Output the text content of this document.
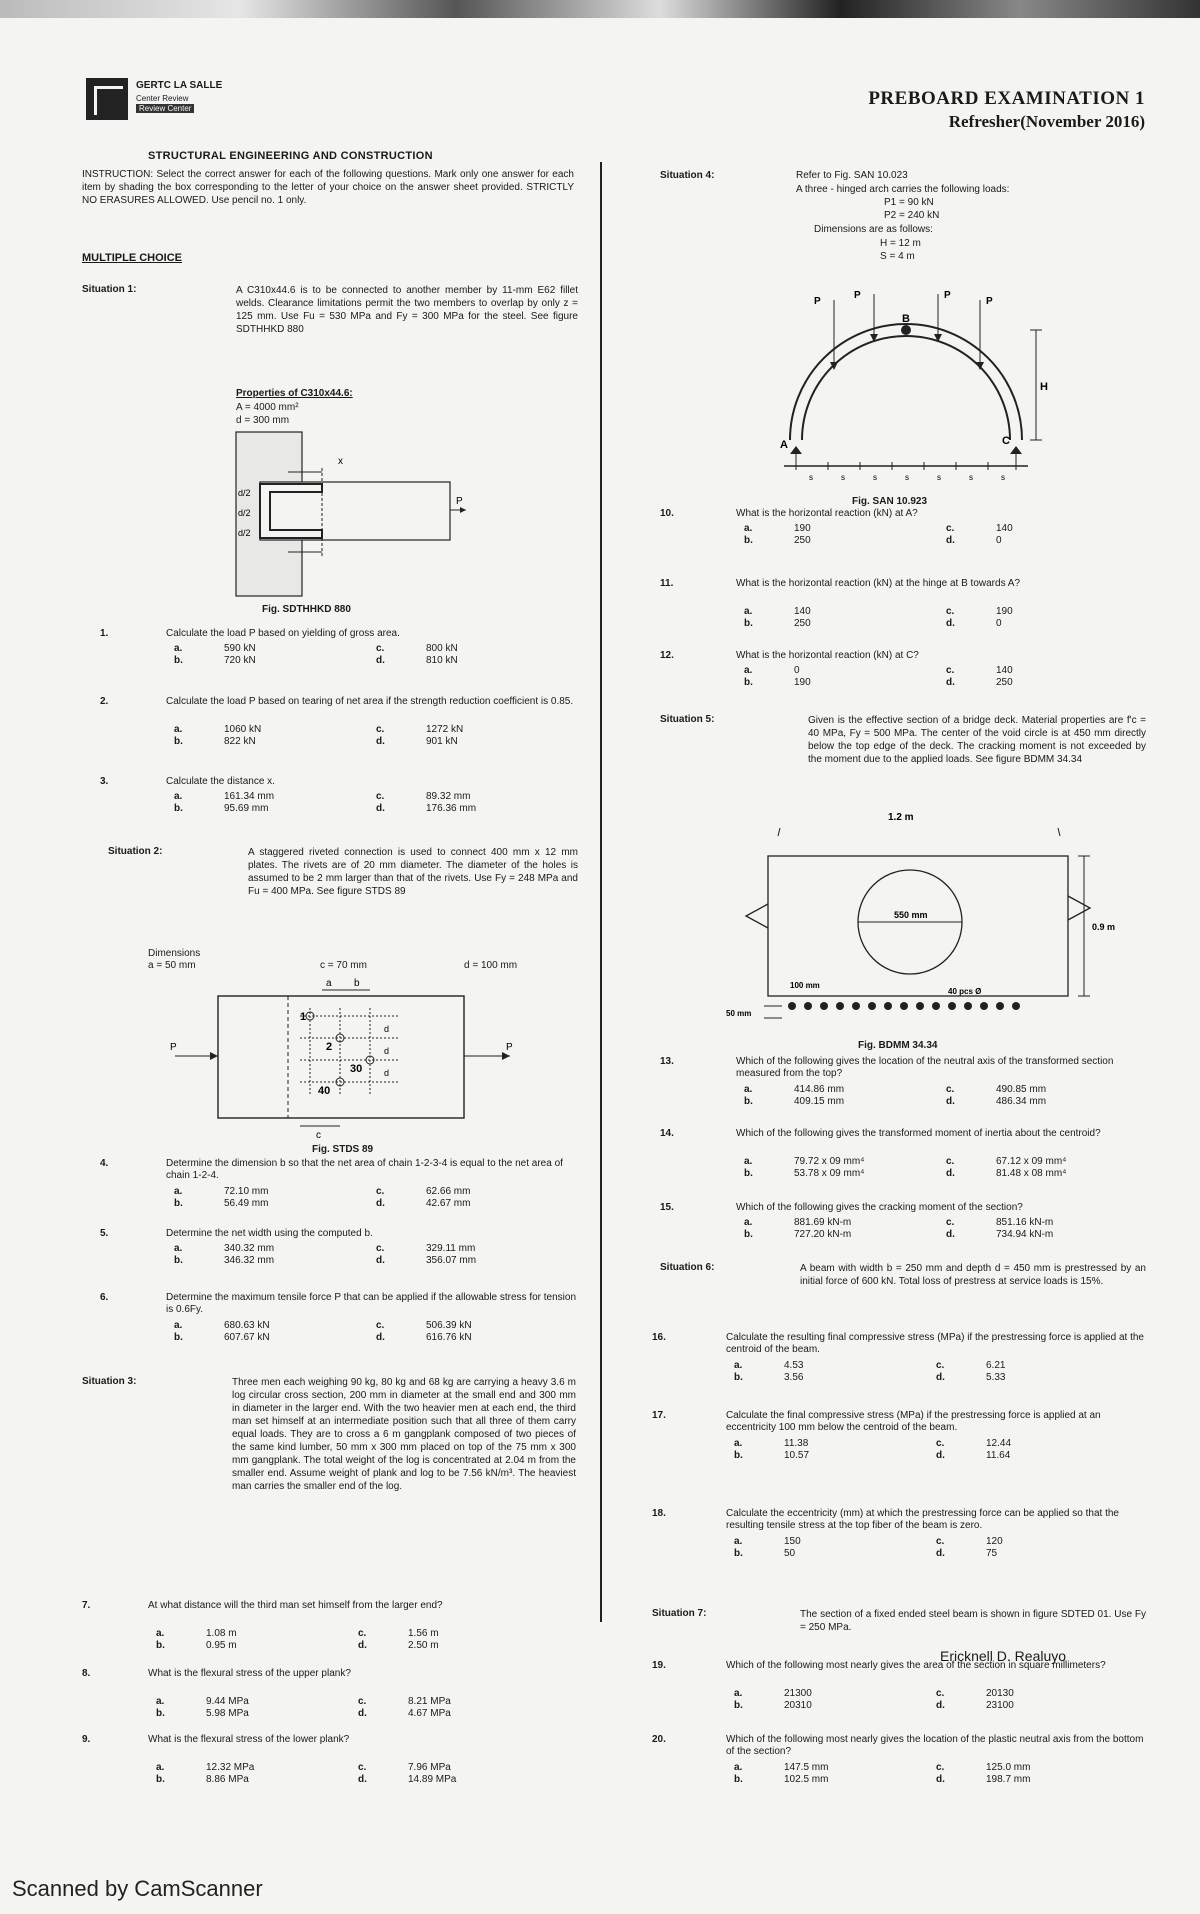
GERTC LA SALLE
Center Review
Review Center	PREBOARD EXAMINATION 1
Refresher(November 2016)
STRUCTURAL ENGINEERING AND CONSTRUCTION
INSTRUCTION: Select the correct answer for each of the following questions. Mark only one answer for each item by shading the box corresponding to the letter of your choice on the answer sheet provided. STRICTLY NO ERASURES ALLOWED. Use pencil no. 1 only.
MULTIPLE CHOICE
Situation 1:	A C310x44.6 is to be connected to another member by 11-mm E62 fillet welds. Clearance limitations permit the two members to overlap by only z = 125 mm. Use Fu = 530 MPa and Fy = 300 MPa for the steel. See figure SDTHHKD 880
Properties of C310x44.6:
A = 4000 mm²
d = 300 mm
x
P
d/2
d/2
d/2
Fig. SDTHHKD 880
Situation 2:	A staggered riveted connection is used to connect 400 mm x 12 mm plates. The rivets are of 20 mm diameter. The diameter of the holes is assumed to be 2 mm larger than that of the rivets. Use Fy = 248 MPa and Fu = 400 MPa. See figure STDS 89
Dimensions
a = 50 mm	c = 70 mm	d = 100 mm
P	P
a b
c
d
d
d
1
2
30
40
Fig. STDS 89
Situation 3:	Three men each weighing 90 kg, 80 kg and 68 kg are carrying a heavy 3.6 m log circular cross section, 200 mm in diameter at the small end and 300 mm in diameter in the larger end. With the two heavier men at each end, the third man set himself at an intermediate position such that all three of them carry equal loads. They are to cross a 6 m gangplank composed of two pieces of the same kind lumber, 50 mm x 300 mm placed on top of the 75 mm x 300 mm gangplank. The total weight of the log is concentrated at 2.04 m from the smaller end. Assume weight of plank and log to be 7.56 kN/m³. The heaviest man carries the smaller end of the log.
Situation 4:	Refer to Fig. SAN 10.023
A three - hinged arch carries the following loads:
P1 = 90 kN
P2 = 240 kN
Dimensions are as follows:
H = 12 m
S = 4 m
P
P	P
P
A
B
C
H
s	s	s	s	s	s	s
Fig. SAN 10.923
Situation 5:	Given is the effective section of a bridge deck. Material properties are f'c = 40 MPa, Fy = 500 MPa. The center of the void circle is at 450 mm directly below the top edge of the deck. The cracking moment is not exceeded by the moment due to the applied loads. See figure BDMM 34.34
1.2 m
550 mm
0.9 m
100 mm
40 pcs Ø
50 mm
Fig. BDMM 34.34
Situation 6:	A beam with width b = 250 mm and depth d = 450 mm is prestressed by an initial force of 600 kN. Total loss of prestress at service loads is 15%.
Situation 7:	The section of a fixed ended steel beam is shown in figure SDTED 01. Use Fy = 250 MPa.
Ericknell D. Realuyo
Scanned by CamScanner
1.	Calculate the load P based on yielding of gross area.
a.	590 kN
b.	720 kN
c.	800 kN
d.	810 kN
2.	Calculate the load P based on tearing of net area if the strength reduction coefficient is 0.85.
a.	1060 kN
b.	822 kN
c.	1272 kN
d.	901 kN
3.	Calculate the distance x.
a.	161.34 mm
b.	95.69 mm
c.	89.32 mm
d.	176.36 mm
4.	Determine the dimension b so that the net area of chain 1-2-3-4 is equal to the net area of chain 1-2-4.
a.	72.10 mm
b.	56.49 mm
c.	62.66 mm
d.	42.67 mm
5.	Determine the net width using the computed b.
a.	340.32 mm
b.	346.32 mm
c.	329.11 mm
d.	356.07 mm
6.	Determine the maximum tensile force P that can be applied if the allowable stress for tension is 0.6Fy.
a.	680.63 kN
b.	607.67 kN
c.	506.39 kN
d.	616.76 kN
7.	At what distance will the third man set himself from the larger end?
a.	1.08 m
b.	0.95 m
c.	1.56 m
d.	2.50 m
8.	What is the flexural stress of the upper plank?
a.	9.44 MPa
b.	5.98 MPa
c.	8.21 MPa
d.	4.67 MPa
9.	What is the flexural stress of the lower plank?
a.	12.32 MPa
b.	8.86 MPa
c.	7.96 MPa
d.	14.89 MPa
10.	What is the horizontal reaction (kN) at A?
a.	190
b.	250
c.	140
d.	0
11.	What is the horizontal reaction (kN) at the hinge at B towards A?
a.	140
b.	250
c.	190
d.	0
12.	What is the horizontal reaction (kN) at C?
a.	0
b.	190
c.	140
d.	250
13.	Which of the following gives the location of the neutral axis of the transformed section measured from the top?
a.	414.86 mm
b.	409.15 mm
c.	490.85 mm
d.	486.34 mm
14.	Which of the following gives the transformed moment of inertia about the centroid?
a.	79.72 x 09 mm⁴
b.	53.78 x 09 mm⁴
c.	67.12 x 09 mm⁴
d.	81.48 x 08 mm⁴
15.	Which of the following gives the cracking moment of the section?
a.	881.69 kN-m
b.	727.20 kN-m
c.	851.16 kN-m
d.	734.94 kN-m
16.	Calculate the resulting final compressive stress (MPa) if the prestressing force is applied at the centroid of the beam.
a.	4.53
b.	3.56
c.	6.21
d.	5.33
17.	Calculate the final compressive stress (MPa) if the prestressing force is applied at an eccentricity 100 mm below the centroid of the beam.
a.	11.38
b.	10.57
c.	12.44
d.	11.64
18.	Calculate the eccentricity (mm) at which the prestressing force can be applied so that the resulting tensile stress at the top fiber of the beam is zero.
a.	150
b.	50
c.	120
d.	75
19.	Which of the following most nearly gives the area of the section in square millimeters?
a.	21300
b.	20310
c.	20130
d.	23100
20.	Which of the following most nearly gives the location of the plastic neutral axis from the bottom of the section?
a.	147.5 mm
b.	102.5 mm
c.	125.0 mm
d.	198.7 mm
